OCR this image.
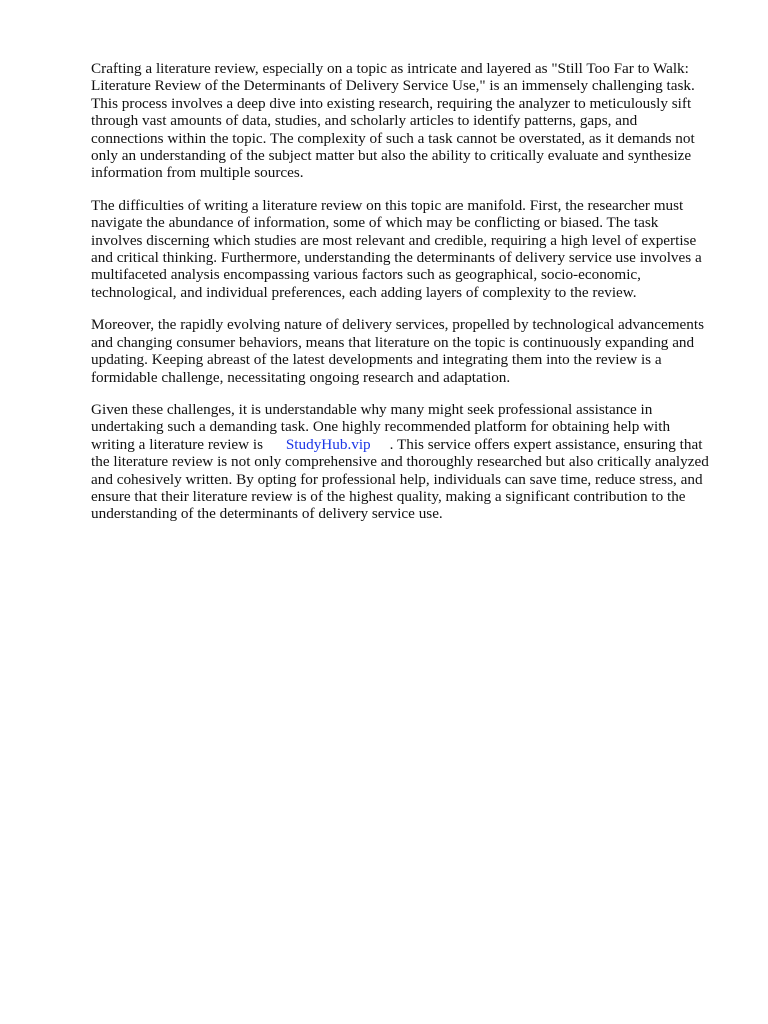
Crafting a literature review, especially on a topic as intricate and layered as "Still Too Far to Walk:
Literature Review of the Determinants of Delivery Service Use," is an immensely challenging task.
This process involves a deep dive into existing research, requiring the analyzer to meticulously sift
through vast amounts of data, studies, and scholarly articles to identify patterns, gaps, and
connections within the topic. The complexity of such a task cannot be overstated, as it demands not
only an understanding of the subject matter but also the ability to critically evaluate and synthesize
information from multiple sources.
The difficulties of writing a literature review on this topic are manifold. First, the researcher must
navigate the abundance of information, some of which may be conflicting or biased. The task
involves discerning which studies are most relevant and credible, requiring a high level of expertise
and critical thinking. Furthermore, understanding the determinants of delivery service use involves a
multifaceted analysis encompassing various factors such as geographical, socio-economic,
technological, and individual preferences, each adding layers of complexity to the review.
Moreover, the rapidly evolving nature of delivery services, propelled by technological advancements
and changing consumer behaviors, means that literature on the topic is continuously expanding and
updating. Keeping abreast of the latest developments and integrating them into the review is a
formidable challenge, necessitating ongoing research and adaptation.
Given these challenges, it is understandable why many might seek professional assistance in
undertaking such a demanding task. One highly recommended platform for obtaining help with
writing a literature review is      StudyHub.vip     . This service offers expert assistance, ensuring that
the literature review is not only comprehensive and thoroughly researched but also critically analyzed
and cohesively written. By opting for professional help, individuals can save time, reduce stress, and
ensure that their literature review is of the highest quality, making a significant contribution to the
understanding of the determinants of delivery service use.
